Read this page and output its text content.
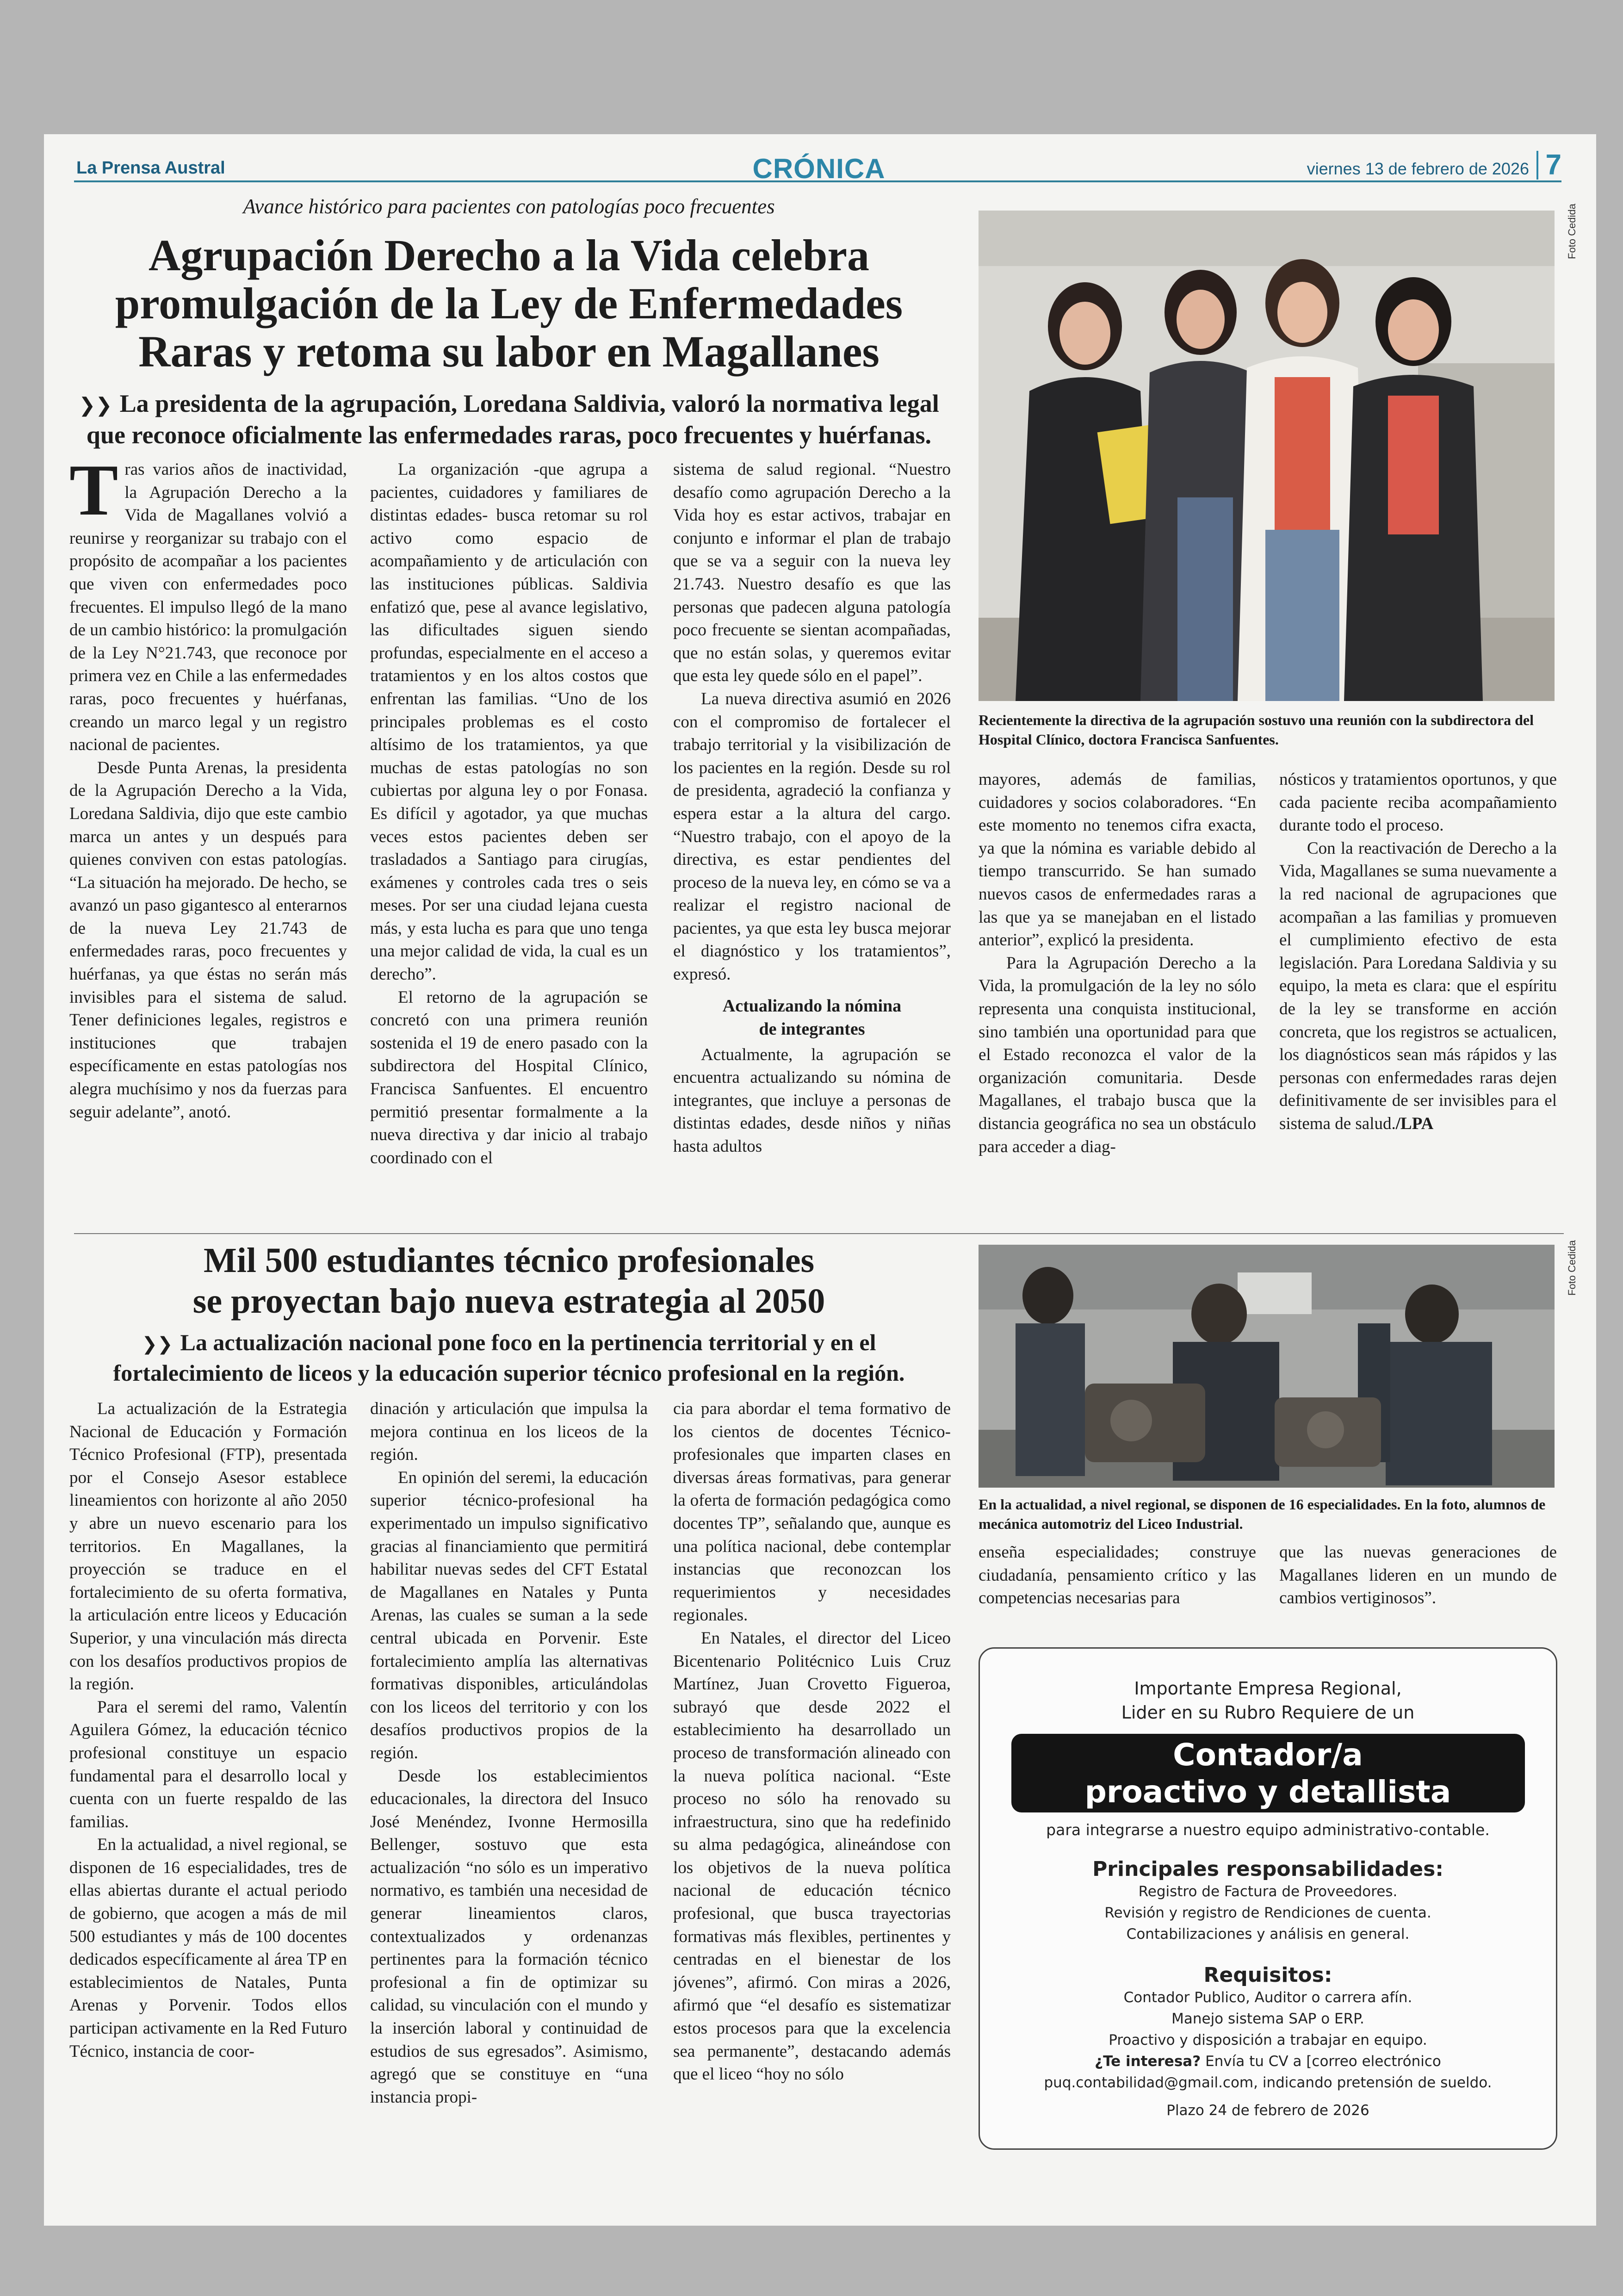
La Prensa Austral	CRÓNICA	viernes 13 de febrero de 2026 7
Avance histórico para pacientes con patologías poco frecuentes
Agrupación Derecho a la Vida celebra
promulgación de la Ley de Enfermedades
Raras y retoma su labor en Magallanes
❯❯ La presidenta de la agrupación, Loredana Saldivia, valoró la normativa legal
que reconoce oficialmente las enfermedades raras, poco frecuentes y huérfanas.

Tras varios años de inactividad, la Agrupación Derecho a la Vida de Magallanes volvió a reunirse y reorganizar su trabajo con el propósito de acompañar a los pacientes que viven con enfermedades poco frecuentes. El impulso llegó de la mano de un cambio histórico: la promulgación de la Ley N°21.743, que reconoce por primera vez en Chile a las enfermedades raras, poco frecuentes y huérfanas, creando un marco legal y un registro nacional de pacientes.

Desde Punta Arenas, la presidenta de la Agrupación Derecho a la Vida, Loredana Saldivia, dijo que este cambio marca un antes y un después para quienes conviven con estas patologías. “La situación ha mejorado. De hecho, se avanzó un paso gigantesco al enterarnos de la nueva Ley 21.743 de enfermedades raras, poco frecuentes y huérfanas, ya que éstas no serán más invisibles para el sistema de salud. Tener definiciones legales, registros e instituciones que trabajen específicamente en estas patologías nos alegra muchísimo y nos da fuerzas para seguir adelante”, anotó.

La organización -que agrupa a pacientes, cuidadores y familiares de distintas edades- busca retomar su rol activo como espacio de acompañamiento y de articulación con las instituciones públicas. Saldivia enfatizó que, pese al avance legislativo, las dificultades siguen siendo profundas, especialmente en el acceso a tratamientos y en los altos costos que enfrentan las familias. “Uno de los principales problemas es el costo altísimo de los tratamientos, ya que muchas de estas patologías no son cubiertas por alguna ley o por Fonasa. Es difícil y agotador, ya que muchas veces estos pacientes deben ser trasladados a Santiago para cirugías, exámenes y controles cada tres o seis meses. Por ser una ciudad lejana cuesta más, y esta lucha es para que uno tenga una mejor calidad de vida, la cual es un derecho”.

El retorno de la agrupación se concretó con una primera reunión sostenida el 19 de enero pasado con la subdirectora del Hospital Clínico, Francisca Sanfuentes. El encuentro permitió presentar formalmente a la nueva directiva y dar inicio al trabajo coordinado con el

sistema de salud regional. “Nuestro desafío como agrupación Derecho a la Vida hoy es estar activos, trabajar en conjunto e informar el plan de trabajo que se va a seguir con la nueva ley 21.743. Nuestro desafío es que las personas que padecen alguna patología poco frecuente se sientan acompañadas, que no están solas, y queremos evitar que esta ley quede sólo en el papel”.

La nueva directiva asumió en 2026 con el compromiso de fortalecer el trabajo territorial y la visibilización de los pacientes en la región. Desde su rol de presidenta, agradeció la confianza y espera estar a la altura del cargo. “Nuestro trabajo, con el apoyo de la directiva, es estar pendientes del proceso de la nueva ley, en cómo se va a realizar el registro nacional de pacientes, ya que esta ley busca mejorar el diagnóstico y los tratamientos”, expresó.

Actualizando la nómina
de integrantes

Actualmente, la agrupación se encuentra actualizando su nómina de integrantes, que incluye a personas de distintas edades, desde niños y niñas hasta adultos

mayores, además de familias, cuidadores y socios colaboradores. “En este momento no tenemos cifra exacta, ya que la nómina es variable debido al tiempo transcurrido. Se han sumado nuevos casos de enfermedades raras a las que ya se manejaban en el listado anterior”, explicó la presidenta.

Para la Agrupación Derecho a la Vida, la promulgación de la ley no sólo representa una conquista institucional, sino también una oportunidad para que el Estado reconozca el valor de la organización comunitaria. Desde Magallanes, el trabajo busca que la distancia geográfica no sea un obstáculo para acceder a diag-

nósticos y tratamientos oportunos, y que cada paciente reciba acompañamiento durante todo el proceso.

Con la reactivación de Derecho a la Vida, Magallanes se suma nuevamente a la red nacional de agrupaciones que acompañan a las familias y promueven el cumplimiento efectivo de esta legislación. Para Loredana Saldivia y su equipo, la meta es clara: que el espíritu de la ley se transforme en acción concreta, que los registros se actualicen, los diagnósticos sean más rápidos y las personas con enfermedades raras dejen definitivamente de ser invisibles para el sistema de salud./LPA

Foto Cedida
Recientemente la directiva de la agrupación sostuvo una reunión con la subdirectora del Hospital Clínico, doctora Francisca Sanfuentes.
Mil 500 estudiantes técnico profesionales
se proyectan bajo nueva estrategia al 2050
❯❯ La actualización nacional pone foco en la pertinencia territorial y en el
fortalecimiento de liceos y la educación superior técnico profesional en la región.

La actualización de la Estrategia Nacional de Educación y Formación Técnico Profesional (FTP), presentada por el Consejo Asesor establece lineamientos con horizonte al año 2050 y abre un nuevo escenario para los territorios. En Magallanes, la proyección se traduce en el fortalecimiento de su oferta formativa, la articulación entre liceos y Educación Superior, y una vinculación más directa con los desafíos productivos propios de la región.

Para el seremi del ramo, Valentín Aguilera Gómez, la educación técnico profesional constituye un espacio fundamental para el desarrollo local y cuenta con un fuerte respaldo de las familias.

En la actualidad, a nivel regional, se disponen de 16 especialidades, tres de ellas abiertas durante el actual periodo de gobierno, que acogen a más de mil 500 estudiantes y más de 100 docentes dedicados específicamente al área TP en establecimientos de Natales, Punta Arenas y Porvenir. Todos ellos participan activamente en la Red Futuro Técnico, instancia de coor-

dinación y articulación que impulsa la mejora continua en los liceos de la región.

En opinión del seremi, la educación superior técnico-profesional ha experimentado un impulso significativo gracias al financiamiento que permitirá habilitar nuevas sedes del CFT Estatal de Magallanes en Natales y Punta Arenas, las cuales se suman a la sede central ubicada en Porvenir. Este fortalecimiento amplía las alternativas formativas disponibles, articulándolas con los liceos del territorio y con los desafíos productivos propios de la región.

Desde los establecimientos educacionales, la directora del Insuco José Menéndez, Ivonne Hermosilla Bellenger, sostuvo que esta actualización “no sólo es un imperativo normativo, es también una necesidad de generar lineamientos claros, contextualizados y ordenanzas pertinentes para la formación técnico profesional a fin de optimizar su calidad, su vinculación con el mundo y la inserción laboral y continuidad de estudios de sus egresados”. Asimismo, agregó que se constituye en “una instancia propi-

cia para abordar el tema formativo de los cientos de docentes Técnico-profesionales que imparten clases en diversas áreas formativas, para generar la oferta de formación pedagógica como docentes TP”, señalando que, aunque es una política nacional, debe contemplar instancias que reconozcan los requerimientos y necesidades regionales.

En Natales, el director del Liceo Bicentenario Politécnico Luis Cruz Martínez, Juan Crovetto Figueroa, subrayó que desde 2022 el establecimiento ha desarrollado un proceso de transformación alineado con la nueva política nacional. “Este proceso no sólo ha renovado su infraestructura, sino que ha redefinido su alma pedagógica, alineándose con los objetivos de la nueva política nacional de educación técnico profesional, que busca trayectorias formativas más flexibles, pertinentes y centradas en el bienestar de los jóvenes”, afirmó. Con miras a 2026, afirmó que “el desafío es sistematizar estos procesos para que la excelencia sea permanente”, destacando además que el liceo “hoy no sólo

enseña especialidades; construye ciudadanía, pensamiento crítico y las competencias necesarias para

que las nuevas generaciones de Magallanes lideren en un mundo de cambios vertiginosos”.

Foto Cedida
En la actualidad, a nivel regional, se disponen de 16 especialidades. En la foto, alumnos de mecánica automotriz del Liceo Industrial.
Importante Empresa Regional,
Lider en su Rubro Requiere de un
Contador/a
proactivo y detallista
para integrarse a nuestro equipo administrativo-contable.
Principales responsabilidades:
Registro de Factura de Proveedores.
Revisión y registro de Rendiciones de cuenta.
Contabilizaciones y análisis en general.
Requisitos:
Contador Publico, Auditor o carrera afín.
Manejo sistema SAP o ERP.
Proactivo y disposición a trabajar en equipo.
¿Te interesa? Envía tu CV a [correo electrónico
puq.contabilidad@gmail.com, indicando pretensión de sueldo.
Plazo 24 de febrero de 2026
